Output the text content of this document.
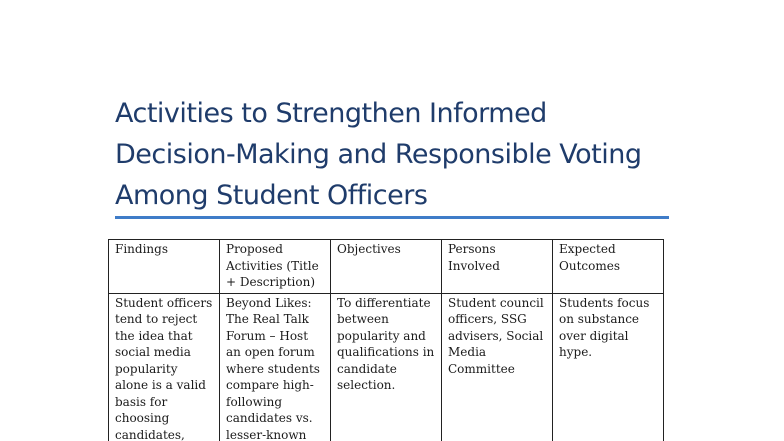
Activities to Strengthen Informed Decision-Making and Responsible Voting Among Student Officers
Findings	Proposed Activities (Title + Description)	Objectives	Persons Involved	Expected Outcomes
Student officers tend to reject the idea that social media popularity alone is a valid basis for choosing candidates,	Beyond Likes: The Real Talk Forum – Host an open forum where students compare high-following candidates vs. lesser-known	To differentiate between popularity and qualifications in candidate selection.	Student council officers, SSG advisers, Social Media Committee	Students focus on substance over digital hype.
